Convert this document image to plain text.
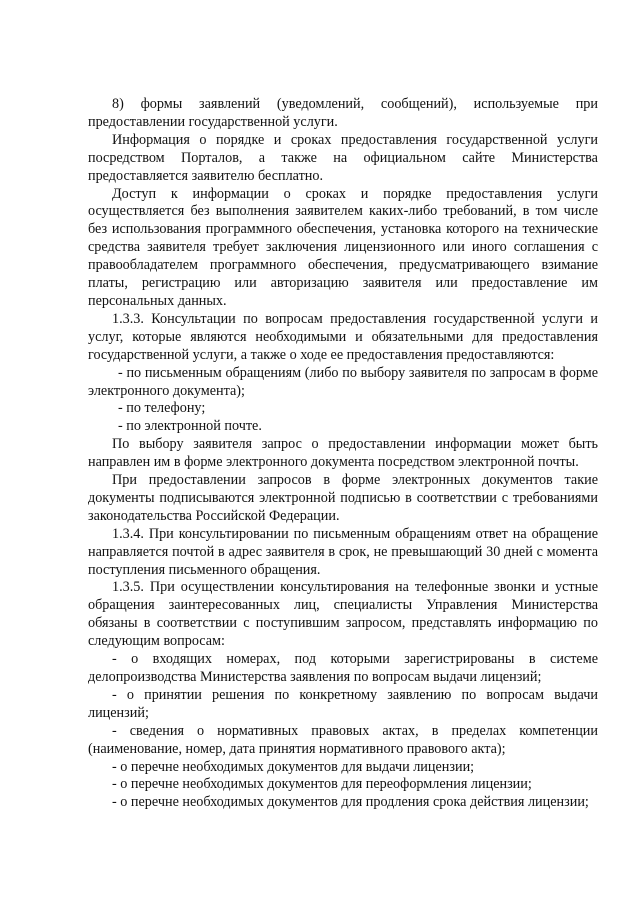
8) формы заявлений (уведомлений, сообщений), используемые при предоставлении государственной услуги.

Информация о порядке и сроках предоставления государственной услуги посредством Порталов, а также на официальном сайте Министерства предоставляется заявителю бесплатно.

Доступ к информации о сроках и порядке предоставления услуги осуществляется без выполнения заявителем каких-либо требований, в том числе без использования программного обеспечения, установка которого на технические средства заявителя требует заключения лицензионного или иного соглашения с правообладателем программного обеспечения, предусматривающего взимание платы, регистрацию или авторизацию заявителя или предоставление им персональных данных.

1.3.3. Консультации по вопросам предоставления государственной услуги и услуг, которые являются необходимыми и обязательными для предоставления государственной услуги, а также о ходе ее предоставления предоставляются:

- по письменным обращениям (либо по выбору заявителя по запросам в форме электронного документа);

- по телефону;

- по электронной почте.

По выбору заявителя запрос о предоставлении информации может быть направлен им в форме электронного документа посредством электронной почты.

При предоставлении запросов в форме электронных документов такие документы подписываются электронной подписью в соответствии с требованиями законодательства Российской Федерации.

1.3.4. При консультировании по письменным обращениям ответ на обращение направляется почтой в адрес заявителя в срок, не превышающий 30 дней с момента поступления письменного обращения.

1.3.5. При осуществлении консультирования на телефонные звонки и устные обращения заинтересованных лиц, специалисты Управления Министерства обязаны в соответствии с поступившим запросом, представлять информацию по следующим вопросам:

- о входящих номерах, под которыми зарегистрированы в системе делопроизводства Министерства заявления по вопросам выдачи лицензий;

- о принятии решения по конкретному заявлению по вопросам выдачи лицензий;

- сведения о нормативных правовых актах, в пределах компетенции (наименование, номер, дата принятия нормативного правового акта);

- о перечне необходимых документов для выдачи лицензии;

- о перечне необходимых документов для переоформления лицензии;

- о перечне необходимых документов для продления срока действия лицензии;
